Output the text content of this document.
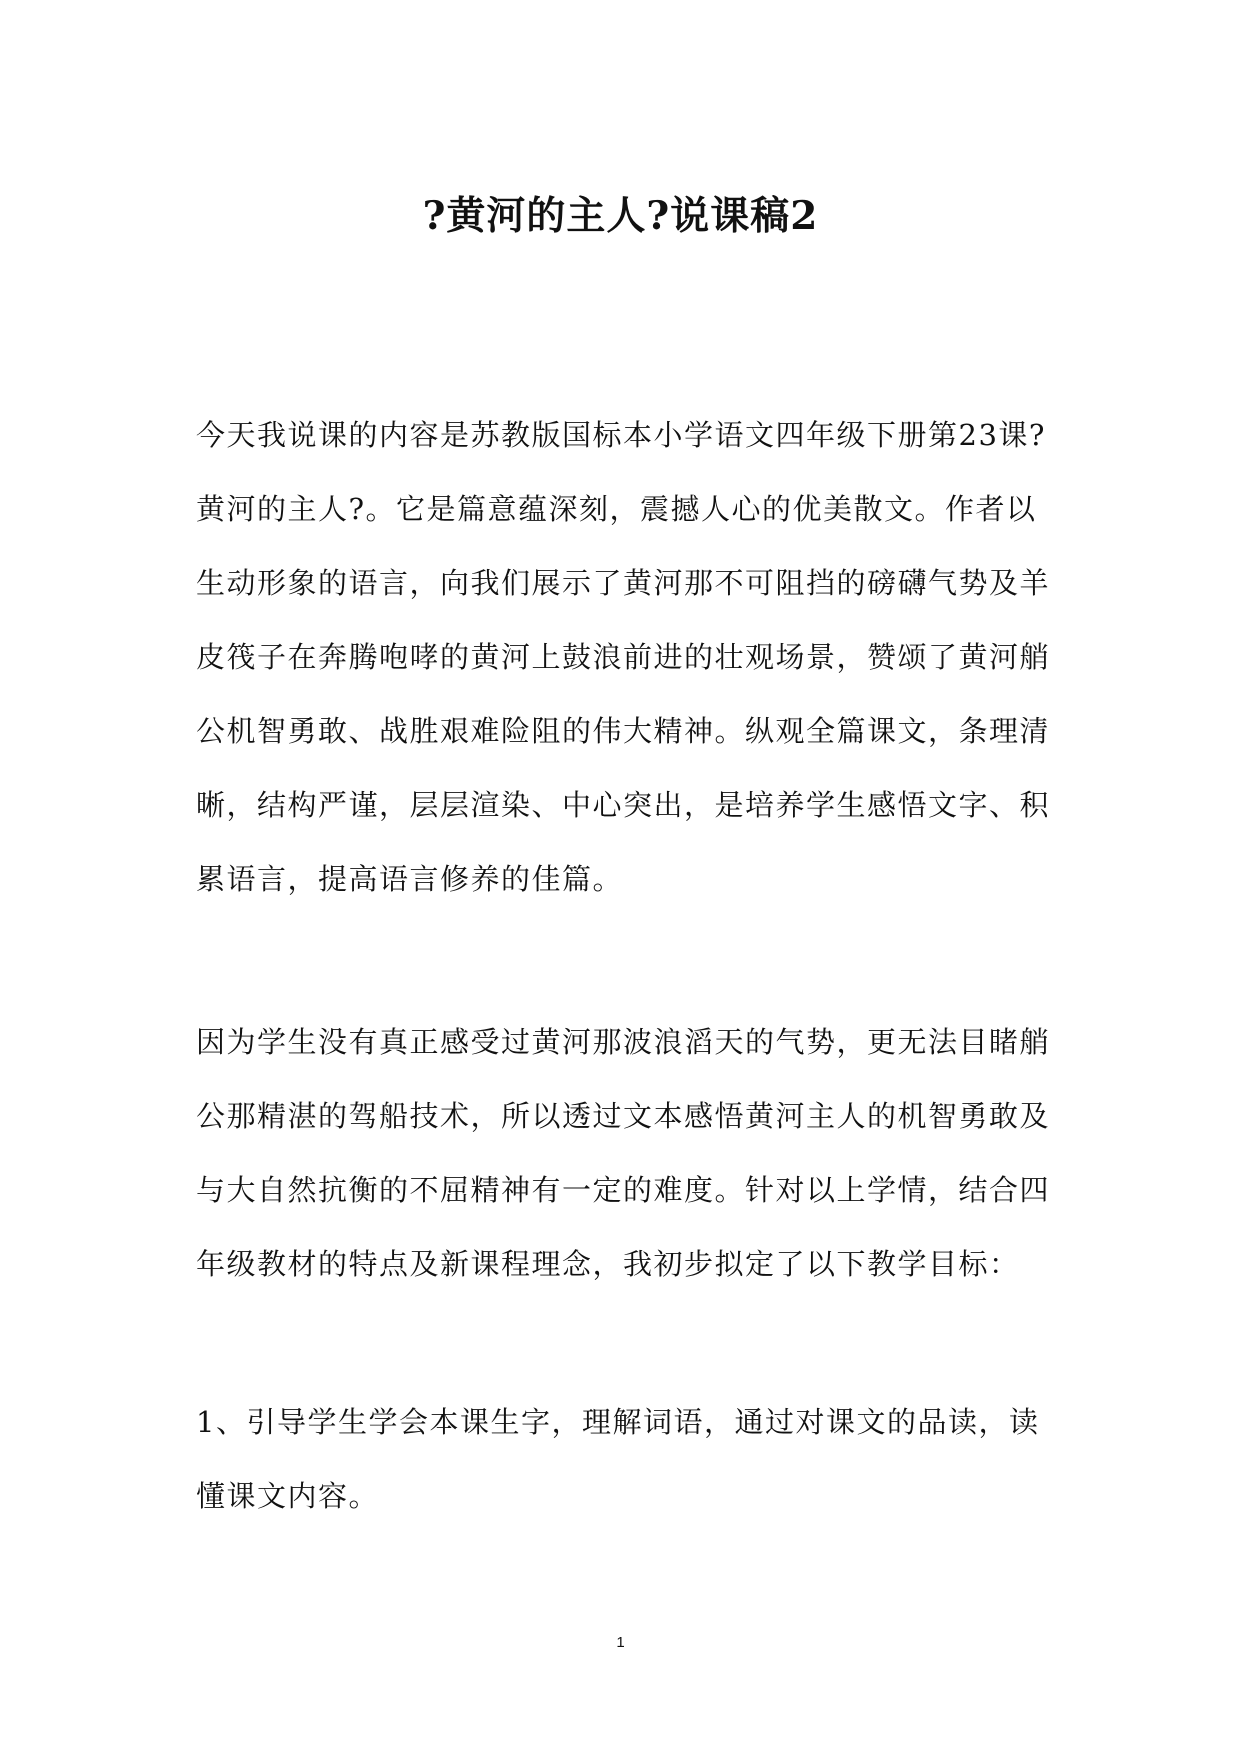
?黄河的主人?说课稿2

今天我说课的内容是苏教版国标本小学语文四年级下册第23课?黄河的主人?。它是篇意蕴深刻，震撼人心的优美散文。作者以生动形象的语言，向我们展示了黄河那不可阻挡的磅礴气势及羊皮筏子在奔腾咆哮的黄河上鼓浪前进的壮观场景，赞颂了黄河艄公机智勇敢、战胜艰难险阻的伟大精神。纵观全篇课文，条理清晰，结构严谨，层层渲染、中心突出，是培养学生感悟文字、积累语言，提高语言修养的佳篇。

因为学生没有真正感受过黄河那波浪滔天的气势，更无法目睹艄公那精湛的驾船技术，所以透过文本感悟黄河主人的机智勇敢及与大自然抗衡的不屈精神有一定的难度。针对以上学情，结合四年级教材的特点及新课程理念，我初步拟定了以下教学目标：

1、引导学生学会本课生字，理解词语，通过对课文的品读，读懂课文内容。

1
